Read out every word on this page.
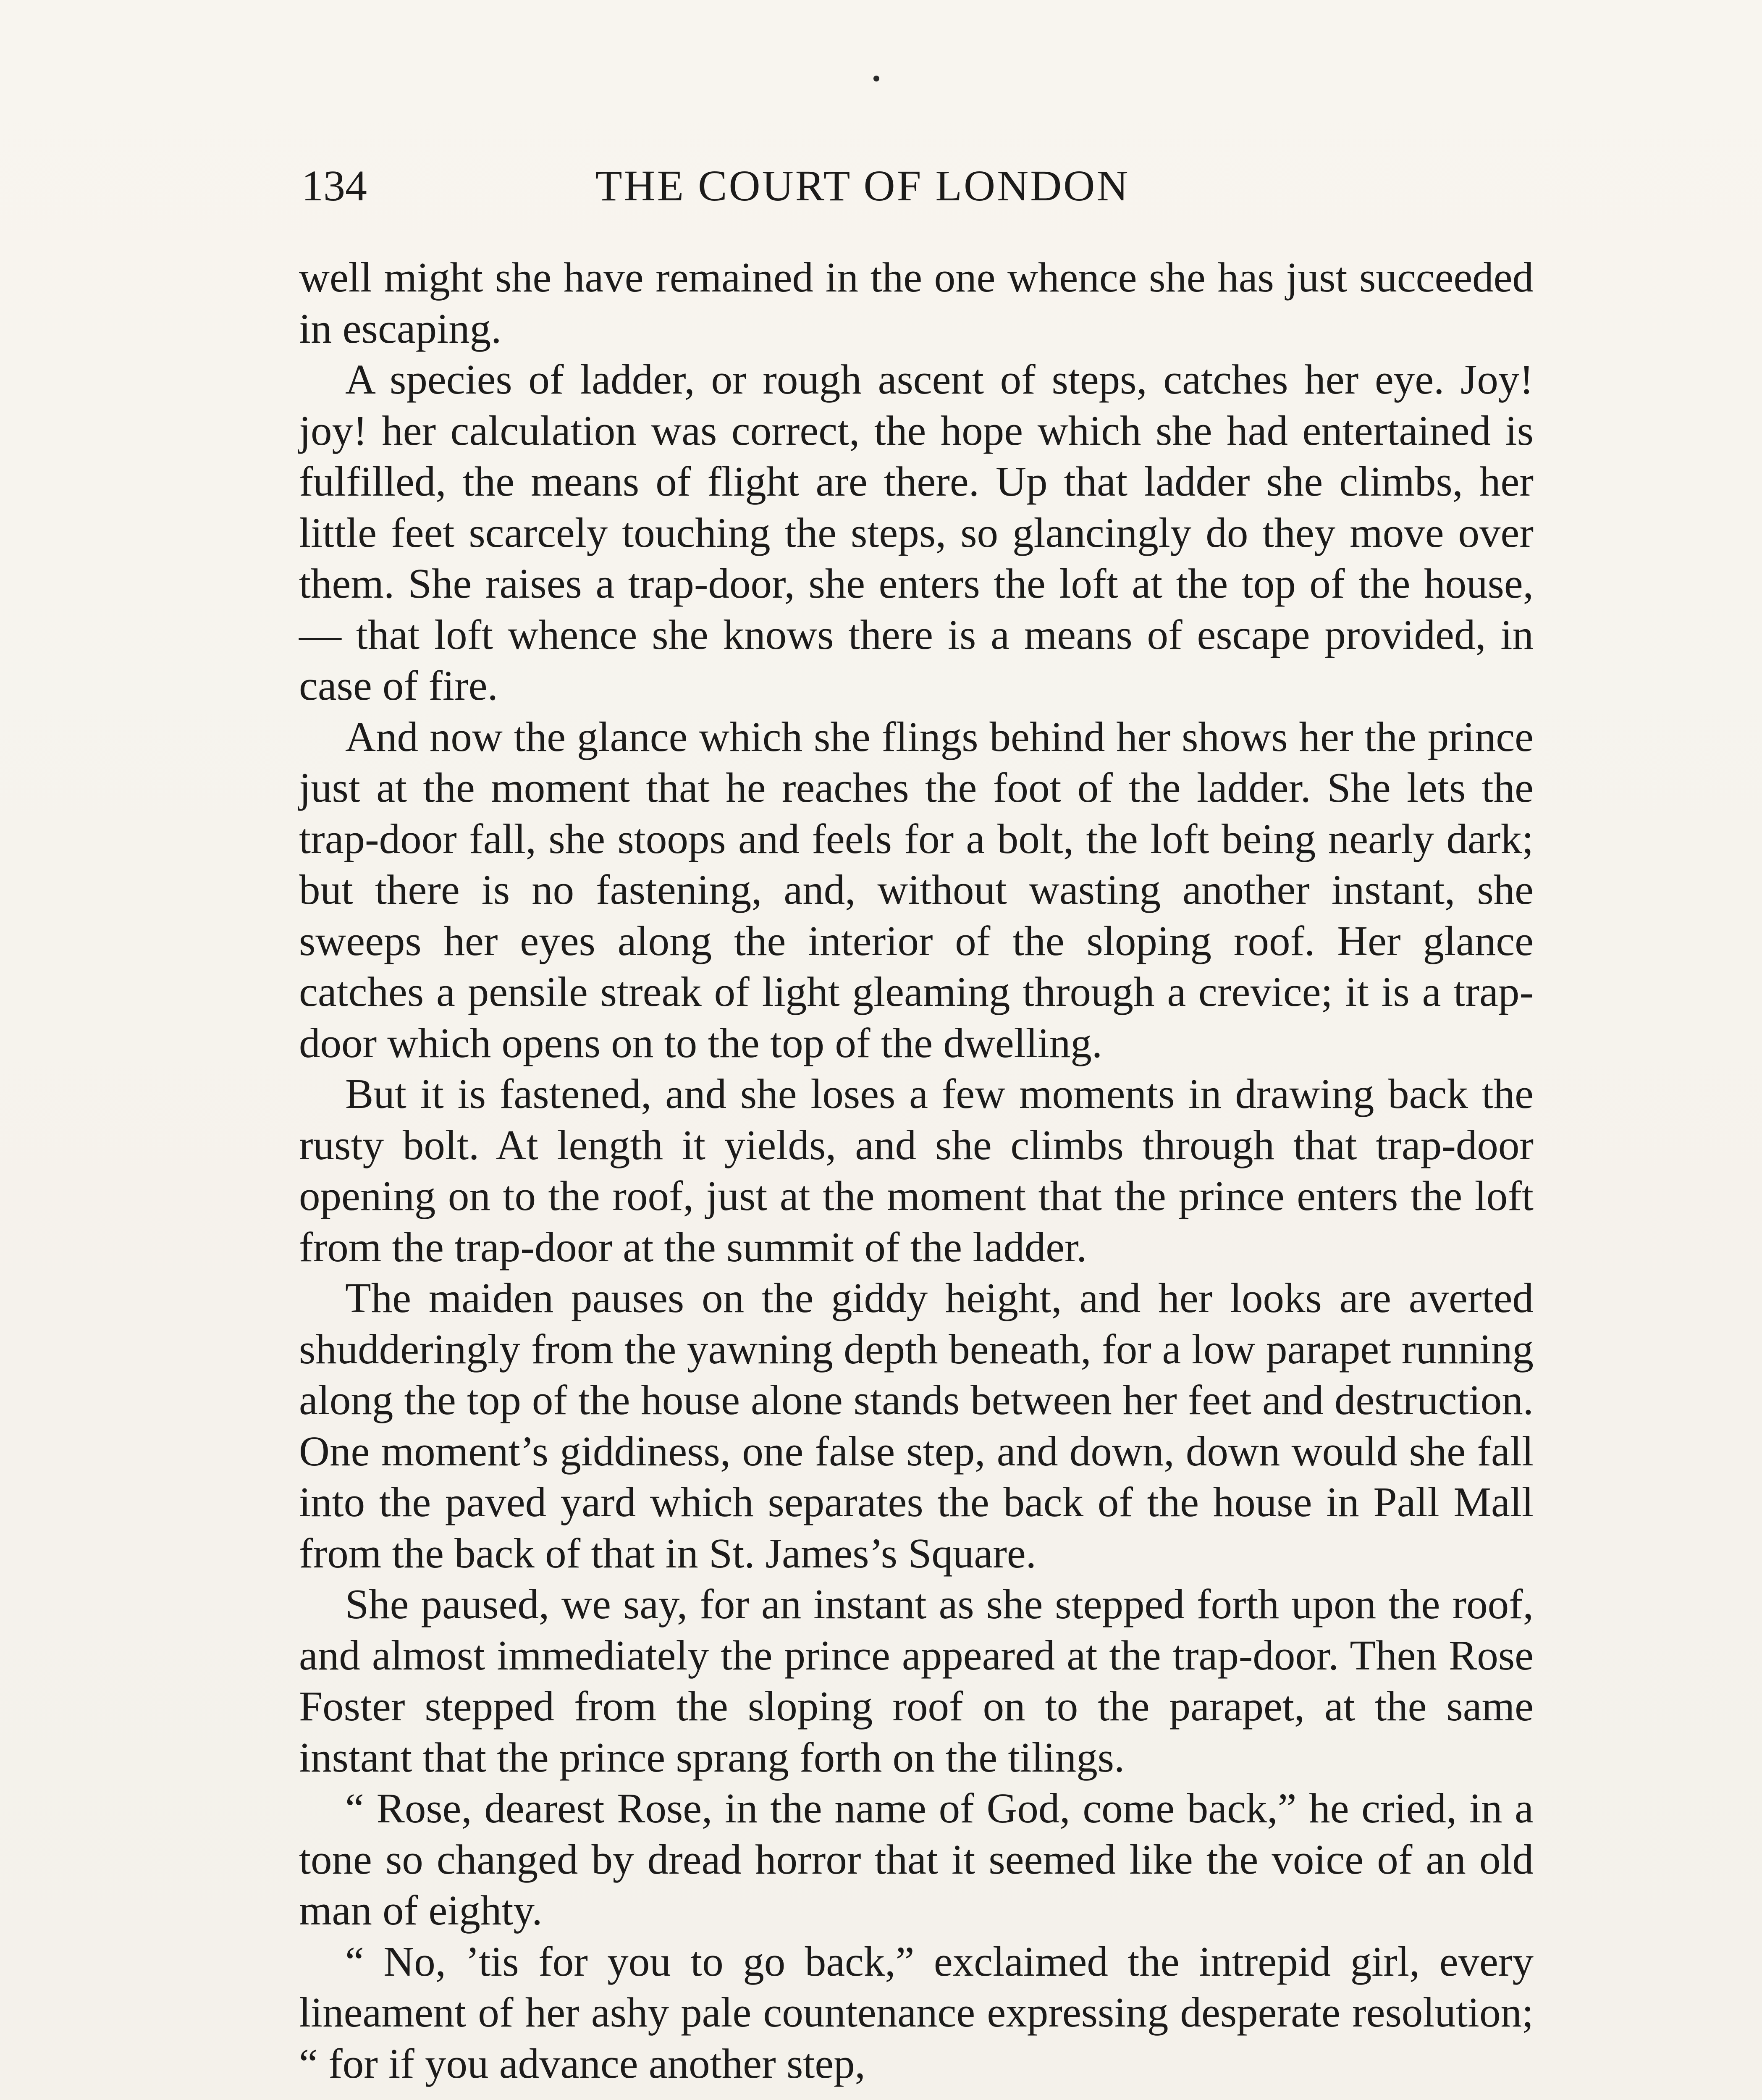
134	THE COURT OF LONDON

well might she have remained in the one whence she has just succeeded in escaping.

A species of ladder, or rough ascent of steps, catches her eye. Joy! joy! her calculation was correct, the hope which she had entertained is fulfilled, the means of flight are there. Up that ladder she climbs, her little feet scarcely touching the steps, so glancingly do they move over them. She raises a trap-door, she enters the loft at the top of the house, — that loft whence she knows there is a means of escape provided, in case of fire.

And now the glance which she flings behind her shows her the prince just at the moment that he reaches the foot of the ladder. She lets the trap-door fall, she stoops and feels for a bolt, the loft being nearly dark; but there is no fastening, and, without wasting another instant, she sweeps her eyes along the interior of the sloping roof. Her glance catches a pensile streak of light gleaming through a crevice; it is a trap-door which opens on to the top of the dwelling.

But it is fastened, and she loses a few moments in drawing back the rusty bolt. At length it yields, and she climbs through that trap-door opening on to the roof, just at the moment that the prince enters the loft from the trap-door at the summit of the ladder.

The maiden pauses on the giddy height, and her looks are averted shudderingly from the yawning depth beneath, for a low parapet running along the top of the house alone stands between her feet and destruction. One moment’s giddiness, one false step, and down, down would she fall into the paved yard which separates the back of the house in Pall Mall from the back of that in St. James’s Square.

She paused, we say, for an instant as she stepped forth upon the roof, and almost immediately the prince appeared at the trap-door. Then Rose Foster stepped from the sloping roof on to the parapet, at the same instant that the prince sprang forth on the tilings.

“ Rose, dearest Rose, in the name of God, come back,” he cried, in a tone so changed by dread horror that it seemed like the voice of an old man of eighty.

“ No, ’tis for you to go back,” exclaimed the intrepid girl, every lineament of her ashy pale countenance expressing desperate resolution; “ for if you advance another step,
